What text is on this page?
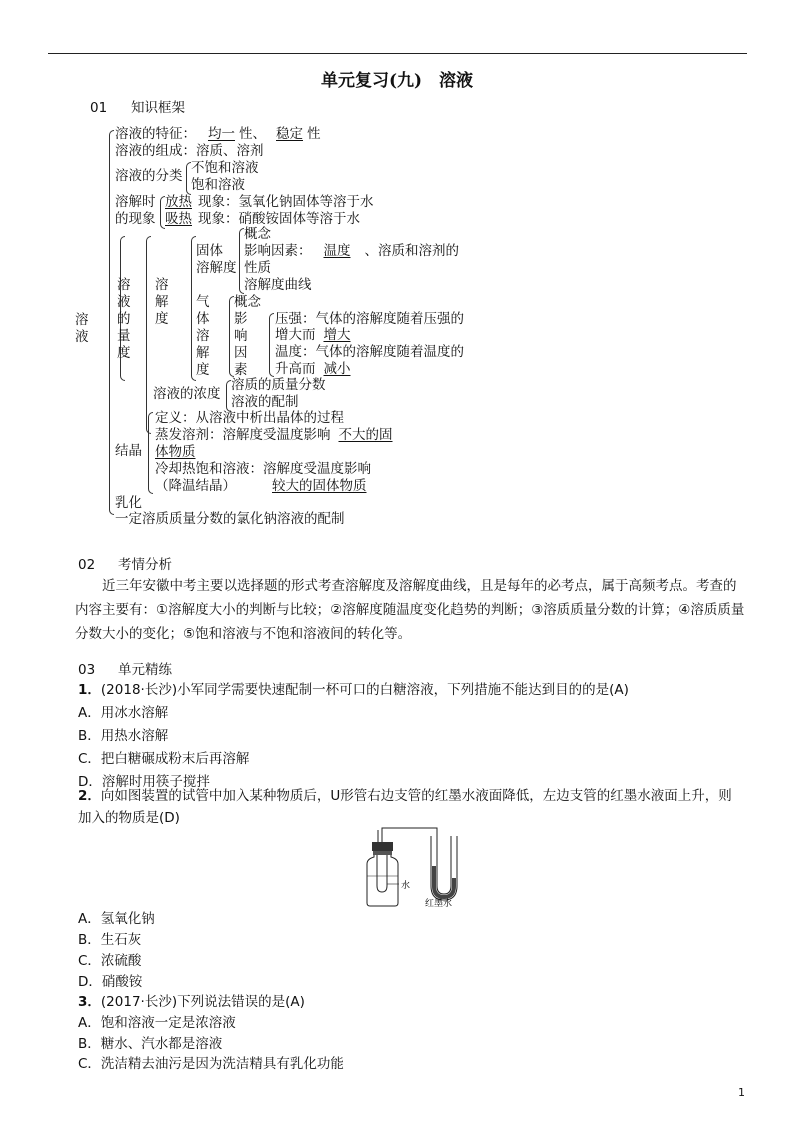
单元复习(九)　溶液
01 知识框架
溶
液
溶液的特征： 均一 性、 稳定 性
溶液的组成：溶质、溶剂
溶液的分类 不饱和溶液
饱和溶液
溶解时
的现象
放热 现象：氢氧化钠固体等溶于水
吸热 现象：硝酸铵固体等溶于水
溶
液
的
量
度
溶
解
度
固体
溶解度
概念
影响因素： 温度 、溶质和溶剂的
性质
溶解度曲线
气
体
溶
解
度
概念
影
响
因
素
压强：气体的溶解度随着压强的
增大而 增大
温度：气体的溶解度随着温度的
升高而 减小
溶液的浓度
溶质的质量分数
溶液的配制
结晶
定义：从溶液中析出晶体的过程
蒸发溶剂：溶解度受温度影响 不大的固
体物质
冷却热饱和溶液：溶解度受温度影响
（降温结晶）	较大的固体物质
乳化
一定溶质质量分数的氯化钠溶液的配制
02 考情分析
近三年安徽中考主要以选择题的形式考查溶解度及溶解度曲线，且是每年的必考点，属于高频考点。考查的内容主要有：①溶解度大小的判断与比较；②溶解度随温度变化趋势的判断；③溶质质量分数的计算；④溶质质量分数大小的变化；⑤饱和溶液与不饱和溶液间的转化等。
03 单元精练
1．(2018·长沙)小军同学需要快速配制一杯可口的白糖溶液，下列措施不能达到目的的是(A)
A．用冰水溶解
B．用热水溶解
C．把白糖碾成粉末后再溶解
D．溶解时用筷子搅拌
2．向如图装置的试管中加入某种物质后，U形管右边支管的红墨水液面降低，左边支管的红墨水液面上升，则
加入的物质是(D)
水
红墨水
A．氢氧化钠
B．生石灰
C．浓硫酸
D．硝酸铵
3．(2017·长沙)下列说法错误的是(A)
A．饱和溶液一定是浓溶液
B．糖水、汽水都是溶液
C．洗洁精去油污是因为洗洁精具有乳化功能
1
